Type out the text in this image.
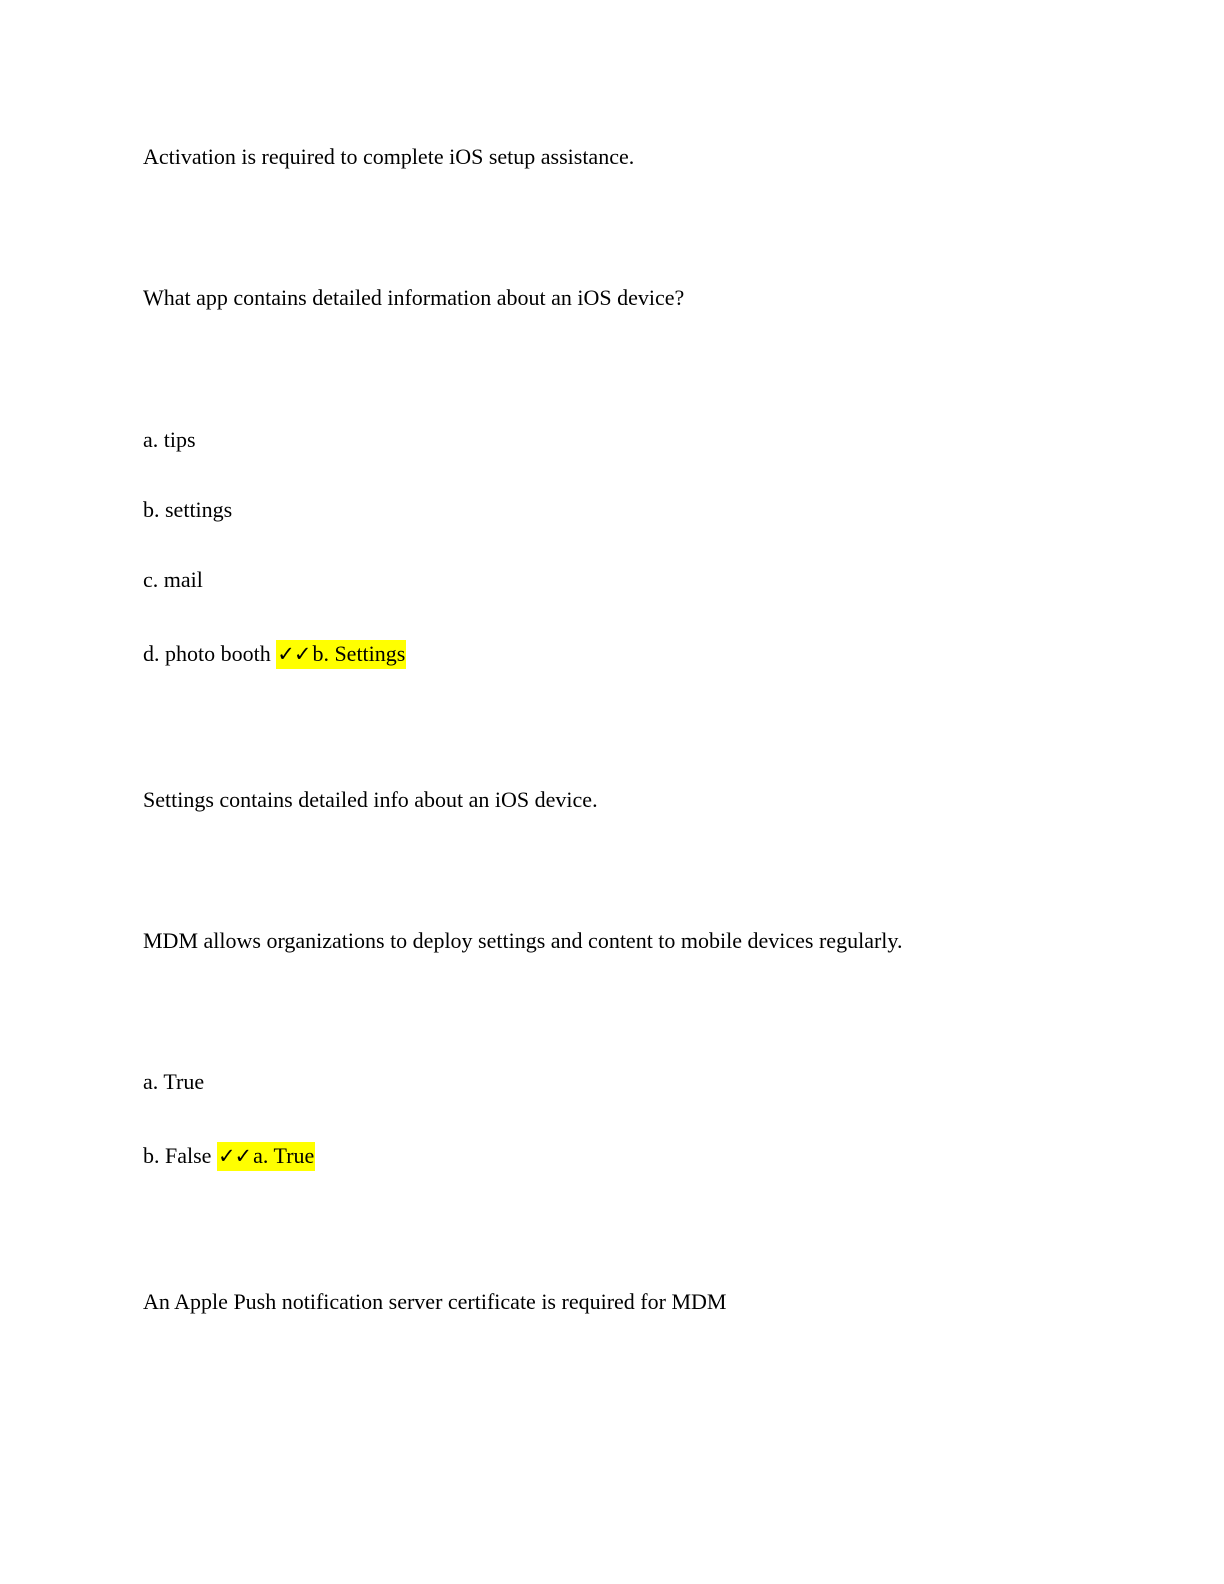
Activation is required to complete iOS setup assistance.
What app contains detailed information about an iOS device?
a. tips
b. settings
c. mail
d. photo booth ✓✓b. Settings
Settings contains detailed info about an iOS device.
MDM allows organizations to deploy settings and content to mobile devices regularly.
a. True
b. False ✓✓a. True
An Apple Push notification server certificate is required for MDM
